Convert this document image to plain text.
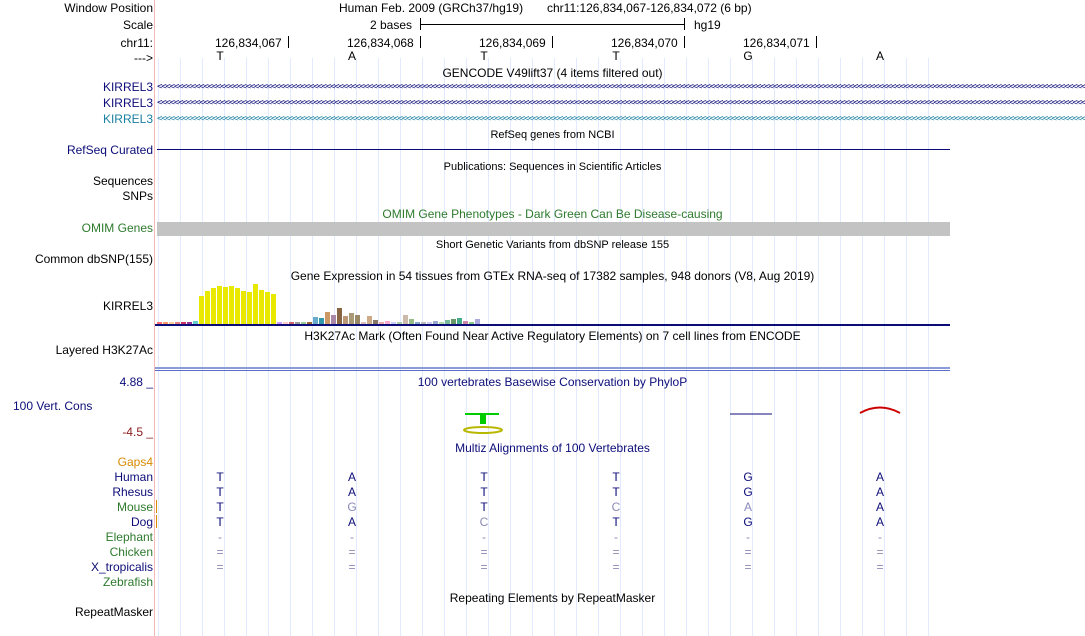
Window Position	Human Feb. 2009 (GRCh37/hg19) chr11:126,834,067-126,834,072 (6 bp)
Scale	2 bases	hg19
chr11:	126,834,067	126,834,068	126,834,069	126,834,070	126,834,071
--->	T	A	T	T	G	A
GENCODE V49lift37 (4 items filtered out)
KIRREL3 <<<<<<<<<<<<<<<<<<<<<<<<<<<<<<<<<<<<<<<<<<<<<<<<<<<<<<<<<<<<<<<<<<<<<<<<<<<<<<<<<<<<<<<<<<<<<<<<<<<<<<<<<<<<<<<<<<<<<<<<<<<<<<<<<<<<<<<<<<<<<<<<<<<<<<<<<<<<<<<<<<<<<<<<<<<<<<<<<<<<<<<<<<<<<<<<<<<<<<<<<<<<<<<<<<<<<<<<<<<<
KIRREL3 <<<<<<<<<<<<<<<<<<<<<<<<<<<<<<<<<<<<<<<<<<<<<<<<<<<<<<<<<<<<<<<<<<<<<<<<<<<<<<<<<<<<<<<<<<<<<<<<<<<<<<<<<<<<<<<<<<<<<<<<<<<<<<<<<<<<<<<<<<<<<<<<<<<<<<<<<<<<<<<<<<<<<<<<<<<<<<<<<<<<<<<<<<<<<<<<<<<<<<<<<<<<<<<<<<<<<<<<<<<<
KIRREL3 <<<<<<<<<<<<<<<<<<<<<<<<<<<<<<<<<<<<<<<<<<<<<<<<<<<<<<<<<<<<<<<<<<<<<<<<<<<<<<<<<<<<<<<<<<<<<<<<<<<<<<<<<<<<<<<<<<<<<<<<<<<<<<<<<<<<<<<<<<<<<<<<<<<<<<<<<<<<<<<<<<<<<<<<<<<<<<<<<<<<<<<<<<<<<<<<<<<<<<<<<<<<<<<<<<<<<<<<<<<<
RefSeq genes from NCBI
RefSeq Curated
Publications: Sequences in Scientific Articles
Sequences
SNPs
OMIM Gene Phenotypes - Dark Green Can Be Disease-causing
OMIM Genes
Short Genetic Variants from dbSNP release 155
Common dbSNP(155)
Gene Expression in 54 tissues from GTEx RNA-seq of 17382 samples, 948 donors (V8, Aug 2019)
KIRREL3
H3K27Ac Mark (Often Found Near Active Regulatory Elements) on 7 cell lines from ENCODE
Layered H3K27Ac
4.88 _	100 vertebrates Basewise Conservation by PhyloP
100 Vert. Cons
-4.5 _
Multiz Alignments of 100 Vertebrates
Gaps4
Human	T	A	T	T	G	A
Rhesus	T	A	T	T	G	A
Mouse	T	G	T	C	A	A
Dog	T	A	C	T	G	A
Elephant	-	-	-	-	-	-
Chicken	=	=	=	=	=	=
X_tropicalis	=	=	=	=	=	=
Zebrafish
Repeating Elements by RepeatMasker
RepeatMasker
